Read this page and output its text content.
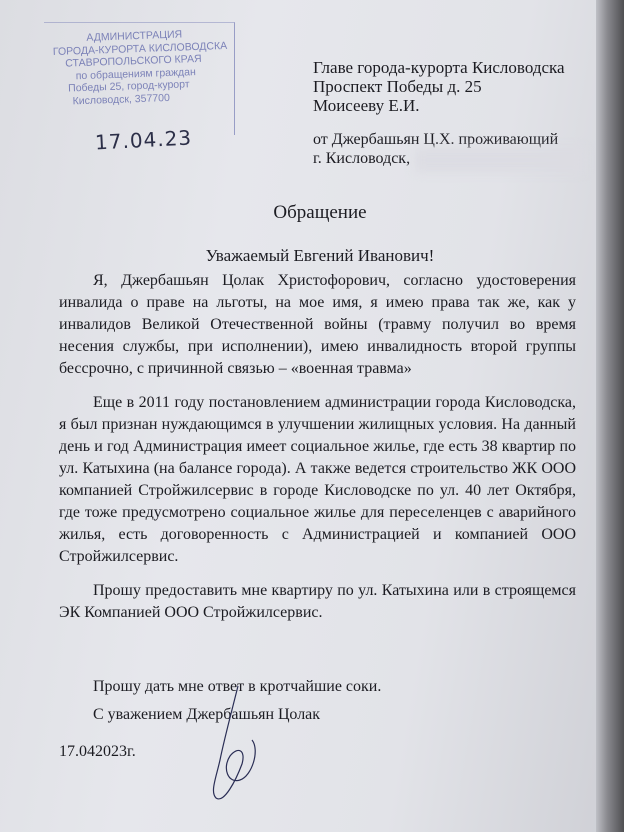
АДМИНИСТРАЦИЯ
ГОРОДА-КУРОРТА КИСЛОВОДСКА
СТАВРОПОЛЬСКОГО КРАЯ
по обращениям граждан
Победы 25, город-курорт
Кисловодск, 357700
17.04.23
Главе города-курорта Кисловодска
Проспект Победы д. 25
Моисееву Е.И.
от Джербашьян Ц.Х. проживающий
г. Кисловодск,
Обращение
Уважаемый Евгений Иванович!

Я, Джербашьян Цолак Христофорович, согласно удостоверения инвалида о праве на льготы, на мое имя, я имею права так же, как у инвалидов Великой Отечественной войны (травму получил во время несения службы, при исполнении), имею инвалидность второй группы бессрочно, с причинной связью – «военная травма»

Еще в 2011 году постановлением администрации города Кисловодска, я был признан нуждающимся в улучшении жилищных условия. На данный день и год Администрация имеет социальное жилье, где есть 38 квартир по ул. Катыхина (на балансе города). А также ведется строительство ЖК ООО компанией Стройжилсервис в городе Кисловодске по ул. 40 лет Октября, где тоже предусмотрено социальное жилье для переселенцев с аварийного жилья, есть договоренность с Администрацией и компанией ООО Стройжилсервис.

Прошу предоставить мне квартиру по ул. Катыхина или в строящемся ЭК Компанией ООО Стройжилсервис.

Прошу дать мне ответ в кротчайшие соки.
С уважением Джербашьян Цолак
17.042023г.
